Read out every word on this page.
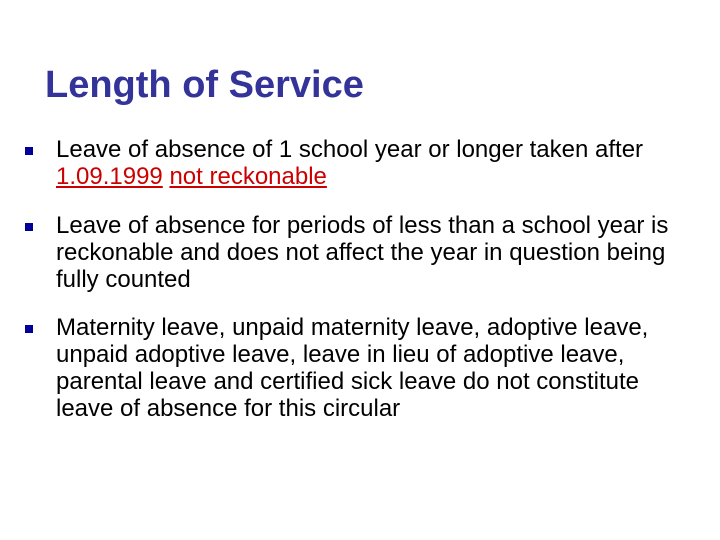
Length of Service

Leave of absence of 1 school year or longer taken after 1.09.1999 not reckonable

Leave of absence for periods of less than a school year is reckonable and does not affect the year in question being fully counted

Maternity leave, unpaid maternity leave, adoptive leave, unpaid adoptive leave, leave in lieu of adoptive leave, parental leave and certified sick leave do not constitute leave of absence for this circular
